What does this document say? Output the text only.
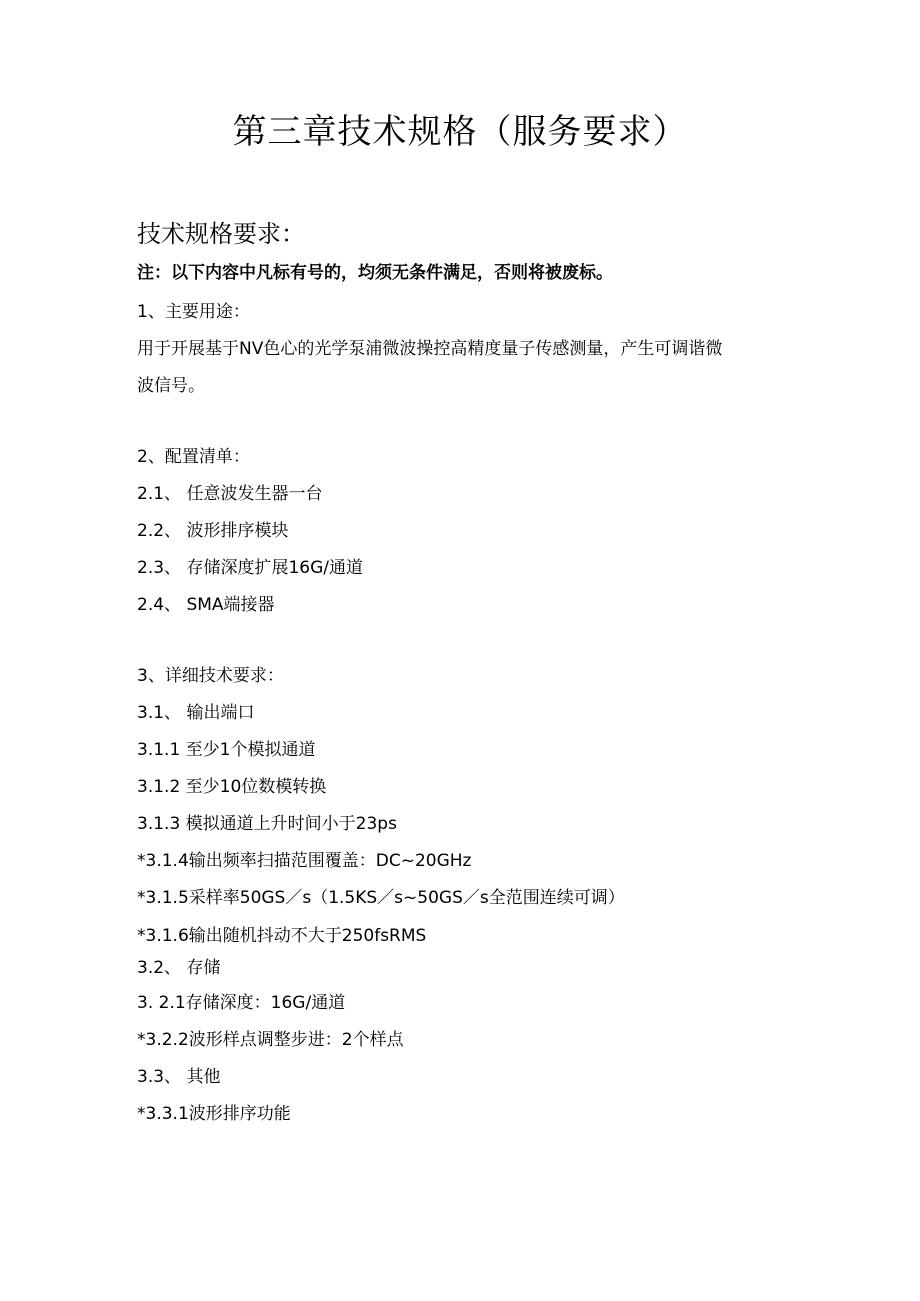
第三章技术规格（服务要求）
技术规格要求：
注：以下内容中凡标有号的，均须无条件满足，否则将被废标。
1、主要用途：
用于开展基于NV色心的光学泵浦微波操控高精度量子传感测量，产生可调谐微
波信号。
2、配置清单：
2.1、 任意波发生器一台
2.2、 波形排序模块
2.3、 存储深度扩展16G/通道
2.4、 SMA端接器
3、详细技术要求：
3.1、 输出端口
3.1.1 至少1个模拟通道
3.1.2 至少10位数模转换
3.1.3 模拟通道上升时间小于23ps
*3.1.4输出频率扫描范围覆盖：DC~20GHz
*3.1.5采样率50GS／s（1.5KS／s~50GS／s全范围连续可调）
*3.1.6输出随机抖动不大于250fsRMS
3.2、 存储
3. 2.1存储深度：16G/通道
*3.2.2波形样点调整步进：2个样点
3.3、 其他
*3.3.1波形排序功能
